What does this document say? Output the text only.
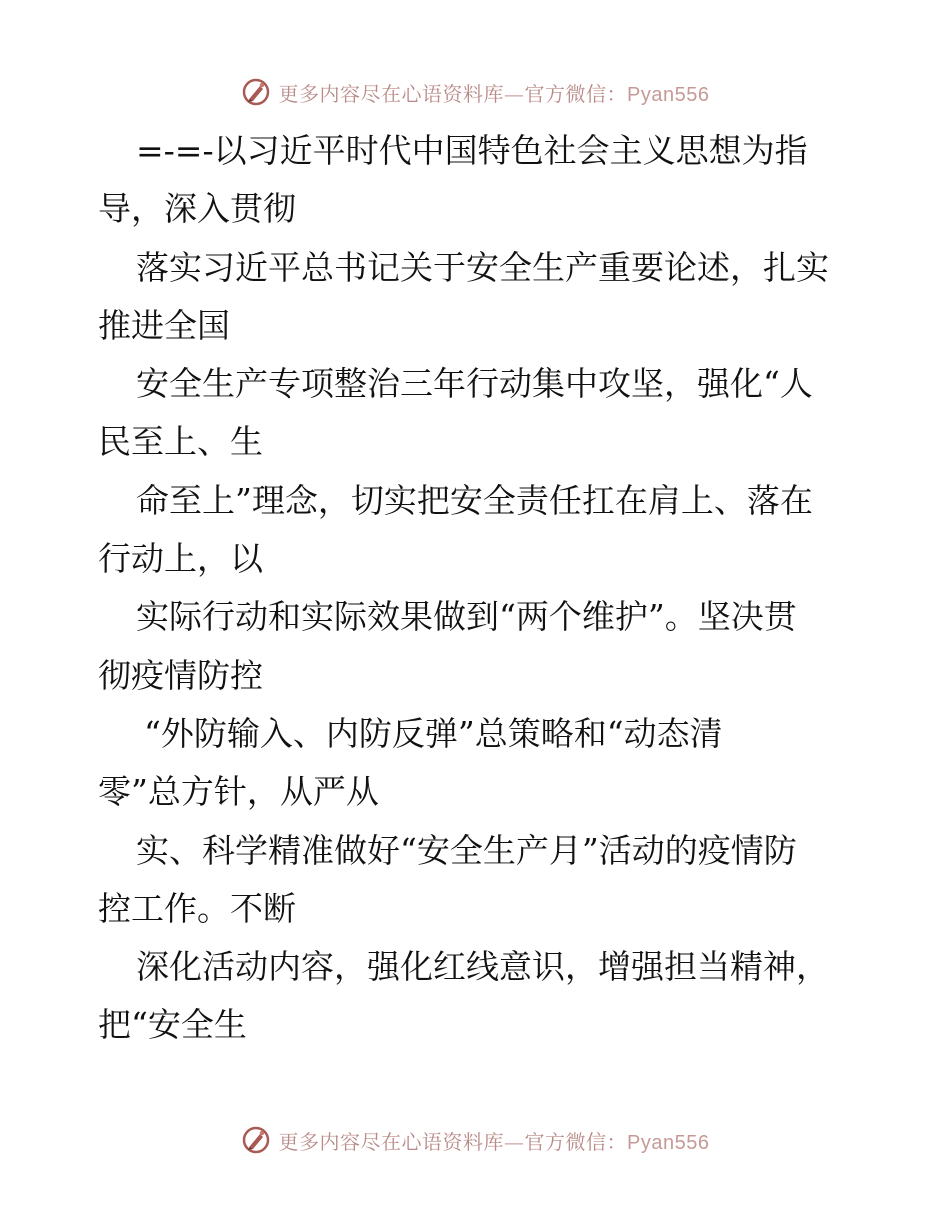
更多内容尽在心语资料库—官方微信：Pyan556
=-=-以习近平时代中国特色社会主义思想为指
导，深入贯彻
落实习近平总书记关于安全生产重要论述，扎实
推进全国
安全生产专项整治三年行动集中攻坚，强化“人
民至上、生
命至上”理念，切实把安全责任扛在肩上、落在
行动上，以
实际行动和实际效果做到“两个维护”。坚决贯
彻疫情防控
“外防输入、内防反弹”总策略和“动态清
零”总方针，从严从
实、科学精准做好“安全生产月”活动的疫情防
控工作。不断
深化活动内容，强化红线意识，增强担当精神，
把“安全生
更多内容尽在心语资料库—官方微信：Pyan556
